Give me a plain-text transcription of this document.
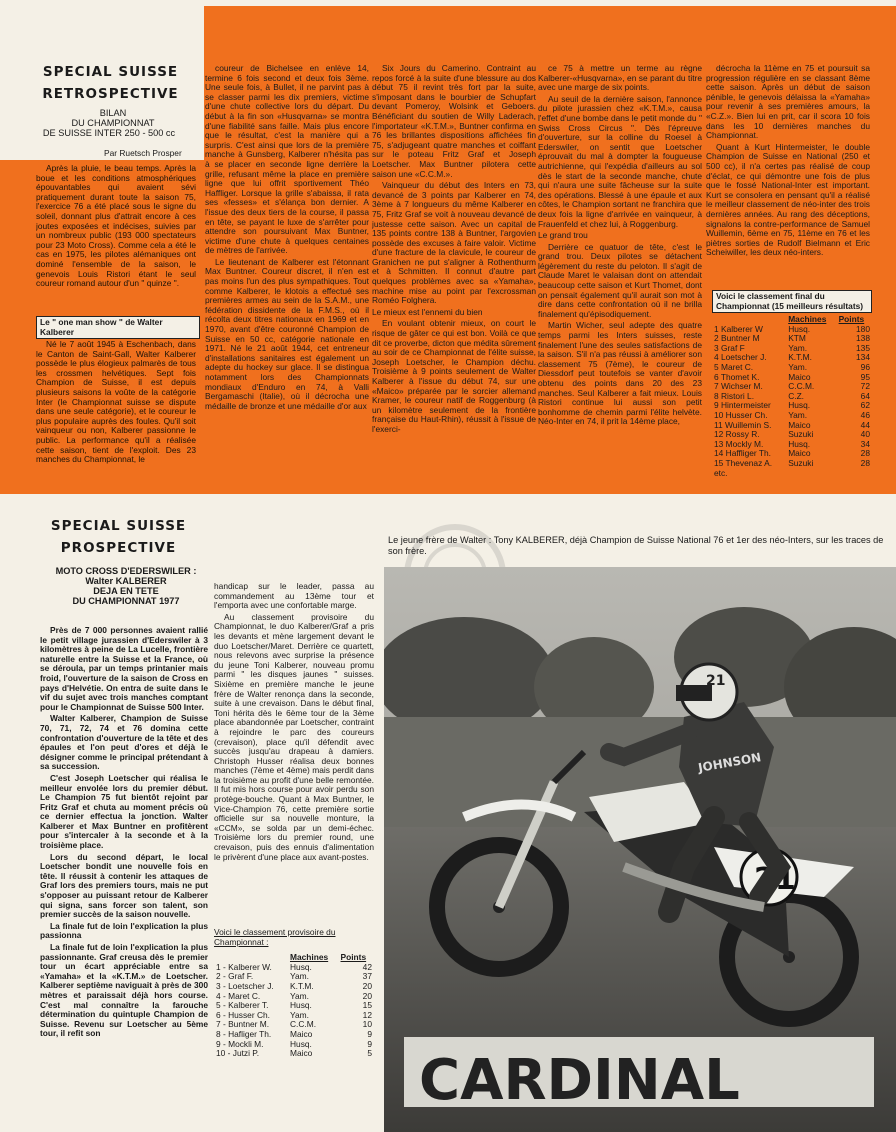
SPECIAL SUISSE
RETROSPECTIVE
BILAN
DU CHAMPIONNAT
DE SUISSE INTER 250 - 500 cc
Par Ruetsch Prosper

Après la pluie, le beau temps. Après la boue et les conditions atmosphériques épouvantables qui avaient sévi pratiquement durant toute la saison 75, l'exercice 76 a été placé sous le signe du soleil, donnant plus d'attrait encore à ces joutes exposées et indécises, suivies par un nombreux public (193 000 spectateurs pour 23 Moto Cross). Comme cela a été le cas en 1975, les pilotes alémaniques ont dominé l'ensemble de la saison, le genevois Louis Ristori étant le seul coureur romand autour d'un " quinze ".

Le " one man show " de Walter Kalberer

Né le 7 août 1945 à Eschenbach, dans le Canton de Saint-Gall, Walter Kalberer possède le plus élogieux palmarès de tous les crossmen helvétiques. Sept fois Champion de Suisse, il est depuis plusieurs saisons la voûte de la catégorie Inter (le Championnat suisse se dispute dans une seule catégorie), et le coureur le plus populaire auprès des foules. Qu'il soit vainqueur ou non, Kalberer passionne le public. La performance qu'il a réalisée cette saison, tient de l'exploit. Des 23 manches du Championnat, le

coureur de Bichelsee en enlève 14, termine 6 fois second et deux fois 3ème. Une seule fois, à Bullet, il ne parvint pas à se classer parmi les dix premiers, victime d'une chute collective lors du départ. Du début à la fin son «Husqvarna» se montra d'une fiabilité sans faille. Mais plus encore que le résultat, c'est la manière qui a surpris. C'est ainsi que lors de la première manche à Gunsberg, Kalberer n'hésita pas à se placer en seconde ligne derrière la grille, refusant même la place en première ligne que lui offrit sportivement Théo Haffliger. Lorsque la grille s'abaissa, il rata ses «fesses» et s'élança bon dernier. A l'issue des deux tiers de la course, il passa en tête, se payant le luxe de s'arrêter pour attendre son poursuivant Max Buntner, victime d'une chute à quelques centaines de mètres de l'arrivée.

Le lieutenant de Kalberer est l'étonnant Max Buntner. Coureur discret, il n'en est pas moins l'un des plus sympathiques. Tout comme Kalberer, le klotois a effectué ses premières armes au sein de la S.A.M., une fédération dissidente de la F.M.S., où il récolta deux titres nationaux en 1969 et en 1970, avant d'être couronné Champion de Suisse en 50 cc, catégorie nationale en 1971. Né le 21 août 1944, cet entreneur d'installations sanitaires est également un adepte du hockey sur glace. Il se distingua notamment lors des Championnats mondiaux d'Enduro en 74, à Valli Bergamaschi (Italie), où il décrocha une médaille de bronze et une médaille d'or aux

Six Jours du Camerino. Contraint au repos forcé à la suite d'une blessure au dos début 75 il revint très fort par la suite, s'imposant dans le bourbier de Schupfart devant Pomeroy, Wolsink et Geboers. Bénéficiant du soutien de Willy Laderach, l'importateur «K.T.M.», Buntner confirma en 76 les brillantes dispositions affichées fin 75, s'adjugeant quatre manches et coiffant sur le poteau Fritz Graf et Joseph Loetscher. Max Buntner pilotera cette saison une «C.C.M.».

Vainqueur du début des Inters en 73, devancé de 3 points par Kalberer en 74, 3ème à 7 longueurs du même Kalberer en 75, Fritz Graf se voit à nouveau devancé de justesse cette saison. Avec un capital de 135 points contre 138 à Buntner, l'argovien possède des excuses à faire valoir. Victime d'une fracture de la clavicule, le coureur de Granichen ne put s'aligner à Rothenthurm et à Schmitten. Il connut d'autre part quelques problèmes avec sa «Yamaha», machine mise au point par l'excrossman Roméo Folghera.

Le mieux est l'ennemi du bien

En voulant obtenir mieux, on court le risque de gâter ce qui est bon. Voilà ce que dit ce proverbe, dicton que médita sûrement au soir de ce Championnat de l'élite suisse, Joseph Loetscher, le Champion déchu. Troisième à 9 points seulement de Walter Kalberer à l'issue du début 74, sur une «Maico» préparée par le sorcier allemand Kramer, le coureur natif de Roggenburg (à un kilomètre seulement de la frontière française du Haut-Rhin), réussit à l'issue de l'exerci-

ce 75 à mettre un terme au règne Kalberer-«Husqvarna», en se parant du titre avec une marge de six points.

Au seuil de la dernière saison, l'annonce du pilote jurassien chez «K.T.M.», causa l'effet d'une bombe dans le petit monde du " Swiss Cross Circus ". Dès l'épreuve d'ouverture, sur la colline du Roesel à Ederswiler, on sentit que Loetscher éprouvait du mal à dompter la fougueuse autrichienne, qui l'expédia d'ailleurs au sol dès le start de la seconde manche, chute qui n'aura une suite fâcheuse sur la suite des opérations. Blessé à une épaule et aux côtes, le Champion sortant ne franchira que deux fois la ligne d'arrivée en vainqueur, à Frauenfeld et chez lui, à Roggenburg.

Le grand trou

Derrière ce quatuor de tête, c'est le grand trou. Deux pilotes se détachent légèrement du reste du peloton. Il s'agit de Claude Maret le valaisan dont on attendait beaucoup cette saison et Kurt Thomet, dont on pensait également qu'il aurait son mot à dire dans cette confrontation où il ne brilla finalement qu'épisodiquement.

Martin Wicher, seul adepte des quatre temps parmi les Inters suisses, reste finalement l'une des seules satisfactions de la saison. S'il n'a pas réussi à améliorer son classement 75 (7ème), le coureur de Diessdorf peut toutefois se vanter d'avoir obtenu des points dans 20 des 23 manches. Seul Kalberer a fait mieux. Louis Ristori continue lui aussi son petit bonhomme de chemin parmi l'élite helvète. Néo-Inter en 74, il prit la 14ème place,

décrocha la 11ème en 75 et poursuit sa progression régulière en se classant 8ème cette saison. Après un début de saison pénible, le genevois délaissa la «Yamaha» pour revenir à ses premières amours, la «C.Z.». Bien lui en prit, car il scora 10 fois dans les 10 dernières manches du Championnat.

Quant à Kurt Hintermeister, le double Champion de Suisse en National (250 et 500 cc), il n'a certes pas réalisé de coup d'éclat, ce qui démontre une fois de plus que le fossé National-Inter est important. Kurt se consolera en pensant qu'il a réalisé le meilleur classement de néo-inter des trois dernières années. Au rang des déceptions, signalons la contre-performance de Samuel Wuillemin, 6ème en 75, 11ème en 76 et les piètres sorties de Rudolf Bielmann et Eric Scheiwiller, les deux néo-inters.

Voici le classement final du Championnat (15 meilleurs résultats)
	Machines	Points
1 Kalberer W	Husq.	180
2 Buntner M	KTM	138
3 Graf F	Yam.	135
4 Loetscher J.	K.T.M.	134
5 Maret C.	Yam.	96
6 Thomet K.	Maico	95
7 Wichser M.	C.C.M.	72
8 Ristori L.	C.Z.	64
9 Hintermeister	Husq.	62
10 Husser Ch.	Yam.	46
11 Wuillemin S.	Maico	44
12 Rossy R.	Suzuki	40
13 Mockly M.	Husq.	34
14 Haffliger Th.	Maico	28
15 Thevenaz A.	Suzuki	28
etc.		
SPECIAL SUISSE
PROSPECTIVE
MOTO CROSS D'EDERSWILER :
Walter KALBERER
DEJA EN TETE
DU CHAMPIONNAT 1977

Près de 7 000 personnes avaient rallié le petit village jurassien d'Ederswiler à 3 kilomètres à peine de La Lucelle, frontière naturelle entre la Suisse et la France, où se déroula, par un temps printanier mais froid, l'ouverture de la saison de Cross en pays d'Helvétie. On entra de suite dans le vif du sujet avec trois manches comptant pour le Championnat de Suisse 500 Inter.

Walter Kalberer, Champion de Suisse 70, 71, 72, 74 et 76 domina cette confrontation d'ouverture de la tête et des épaules et l'on peut d'ores et déjà le désigner comme le principal prétendant à sa succession.

C'est Joseph Loetscher qui réalisa le meilleur envolée lors du premier début. Le Champion 75 fut bientôt rejoint par Fritz Graf et chuta au moment précis où ce dernier effectua la jonction. Walter Kalberer et Max Buntner en profitèrent pour s'intercaler à la seconde et à la troisième place.

Lors du second départ, le local Loetscher bondit une nouvelle fois en tête. Il réussit à contenir les attaques de Graf lors des premiers tours, mais ne put s'opposer au puissant retour de Kalberer qui signa, sans forcer son talent, son premier succès de la saison nouvelle.

La finale fut de loin l'explication la plus passionna

La finale fut de loin l'explication la plus passionnante. Graf creusa dès le premier tour un écart appréciable entre sa «Yamaha» et la «K.T.M.» de Loetscher. Kalberer septième naviguait à près de 300 mètres et paraissait déjà hors course. C'est mal connaître la farouche détermination du quintuple Champion de Suisse. Revenu sur Loetscher au 5ème tour, il refit son

handicap sur le leader, passa au commandement au 13ème tour et l'emporta avec une confortable marge.

Au classement provisoire du Championnat, le duo Kalberer/Graf a pris les devants et mène largement devant le duo Loetscher/Maret. Derrière ce quartett, nous relevons avec surprise la présence du jeune Toni Kalberer, nouveau promu parmi " les disques jaunes " suisses. Sixième en première manche le jeune frère de Walter renonça dans la seconde, suite à une crevaison. Dans le début final, Toni hérita dès le 6ème tour de la 3ème place abandonnée par Loetscher, contraint à rejoindre le parc des coureurs (crevaison), place qu'il défendit avec succès jusqu'au drapeau à damiers. Christoph Husser réalisa deux bonnes manches (7ème et 4ème) mais perdit dans la troisième au profit d'une belle remontée. Il fut mis hors course pour avoir perdu son protège-bouche. Quant à Max Buntner, le Vice-Champion 76, cette première sortie officielle sur sa nouvelle monture, la «CCM», se solda par un demi-échec. Troisième lors du premier round, une crevaison, puis des ennuis d'alimentation le privèrent d'une place aux avant-postes.

Voici le classement provisoire du Championnat :
	Machines	Points
1 - Kalberer W.	Husq.	42
2 - Graf F.	Yam.	37
3 - Loetscher J.	K.T.M.	20
4 - Maret C.	Yam.	20
5 - Kalberer T.	Husq.	15
6 - Husser Ch.	Yam.	12
7 - Buntner M.	C.C.M.	10
8 - Hafliger Th.	Maico	9
9 - Mockli M.	Husq.	9
10 - Jutzi P.	Maico	5
Le jeune frère de Walter : Tony KALBERER, déjà Champion de Suisse National 76 et 1er des néo-Inters, sur les traces de son frère.
CARDINAL
21
JOHNSON
21
